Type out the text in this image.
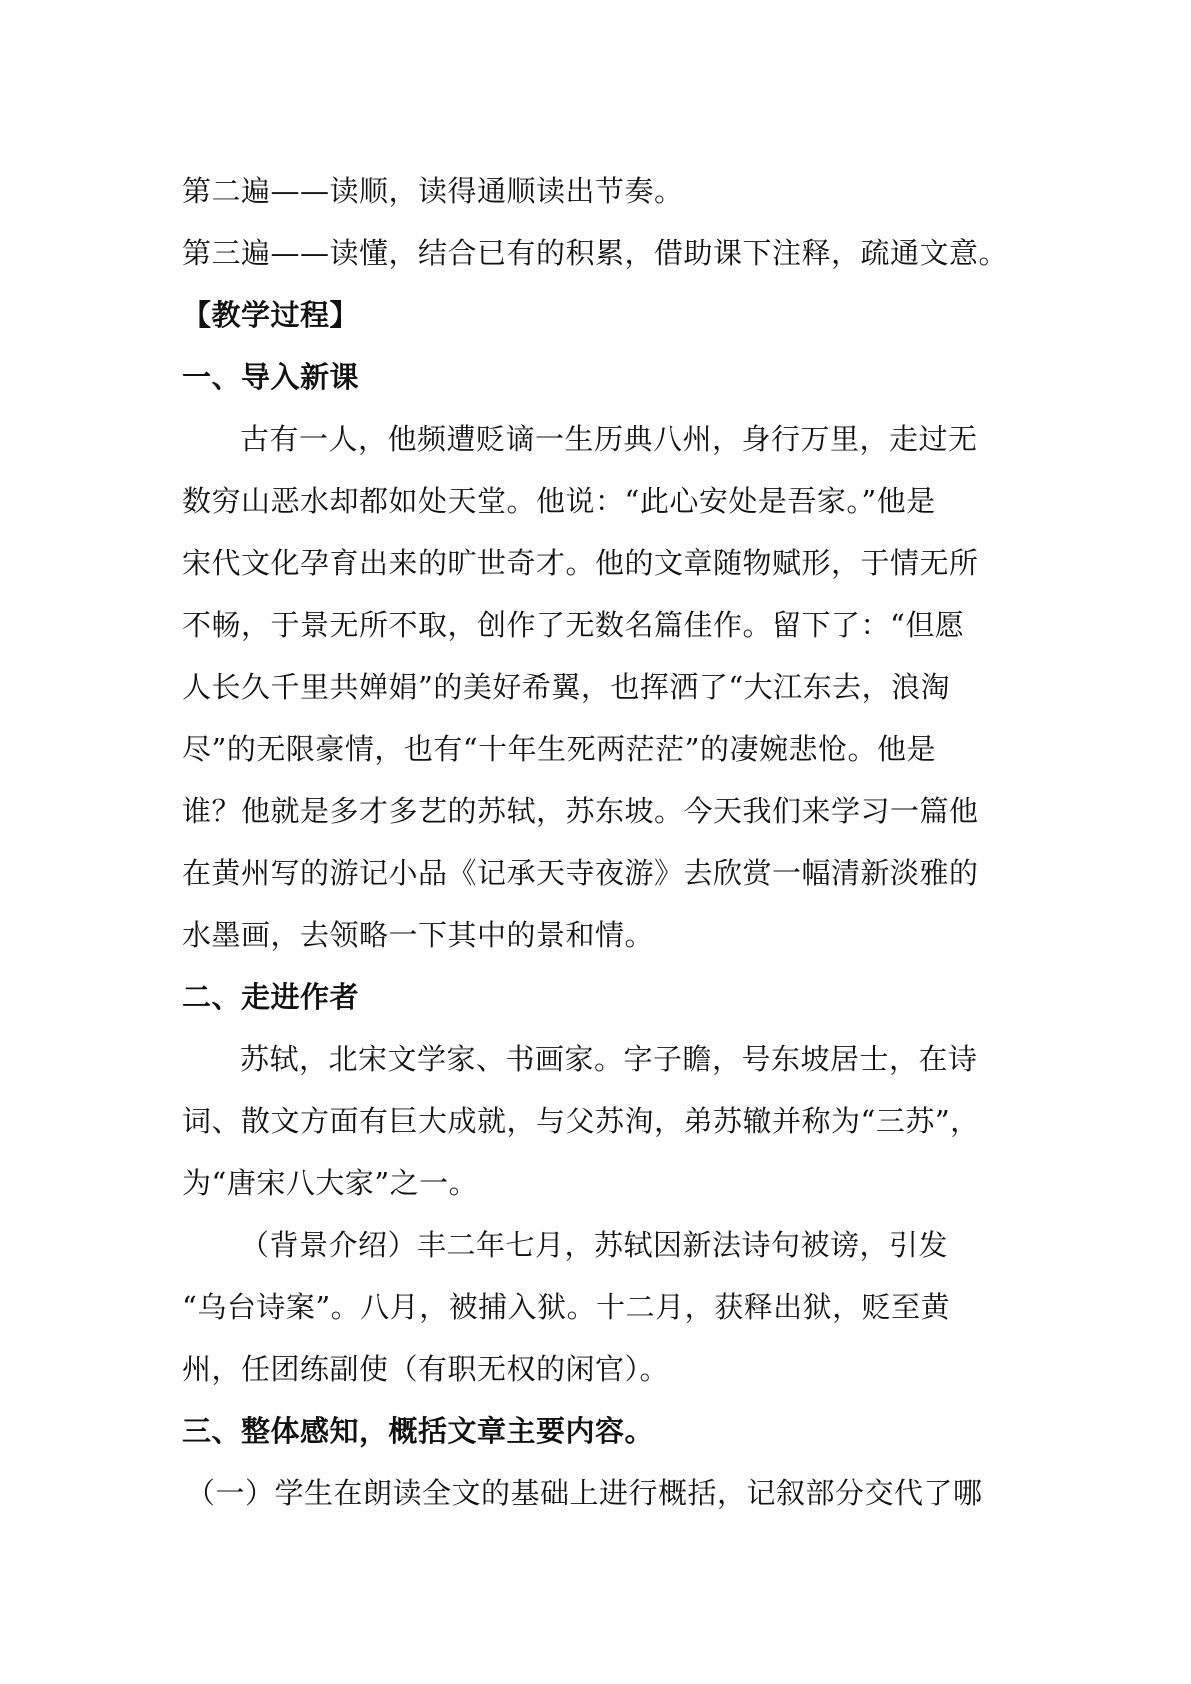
第二遍——读顺，读得通顺读出节奏。
第三遍——读懂，结合已有的积累，借助课下注释，疏通文意。
【教学过程】
一、导入新课
古有一人，他频遭贬谪一生历典八州，身行万里，走过无
数穷山恶水却都如处天堂。他说：“此心安处是吾家。”他是
宋代文化孕育出来的旷世奇才。他的文章随物赋形，于情无所
不畅，于景无所不取，创作了无数名篇佳作。留下了：“但愿
人长久千里共婵娟”的美好希翼，也挥洒了“大江东去，浪淘
尽”的无限豪情，也有“十年生死两茫茫”的凄婉悲怆。他是
谁？他就是多才多艺的苏轼，苏东坡。今天我们来学习一篇他
在黄州写的游记小品《记承天寺夜游》去欣赏一幅清新淡雅的
水墨画，去领略一下其中的景和情。
二、走进作者
苏轼，北宋文学家、书画家。字子瞻，号东坡居士，在诗
词、散文方面有巨大成就，与父苏洵，弟苏辙并称为“三苏”，
为“唐宋八大家”之一。
（背景介绍）丰二年七月，苏轼因新法诗句被谤，引发
“乌台诗案”。八月，被捕入狱。十二月，获释出狱，贬至黄
州，任团练副使（有职无权的闲官）。
三、整体感知，概括文章主要内容。
（一）学生在朗读全文的基础上进行概括，记叙部分交代了哪
